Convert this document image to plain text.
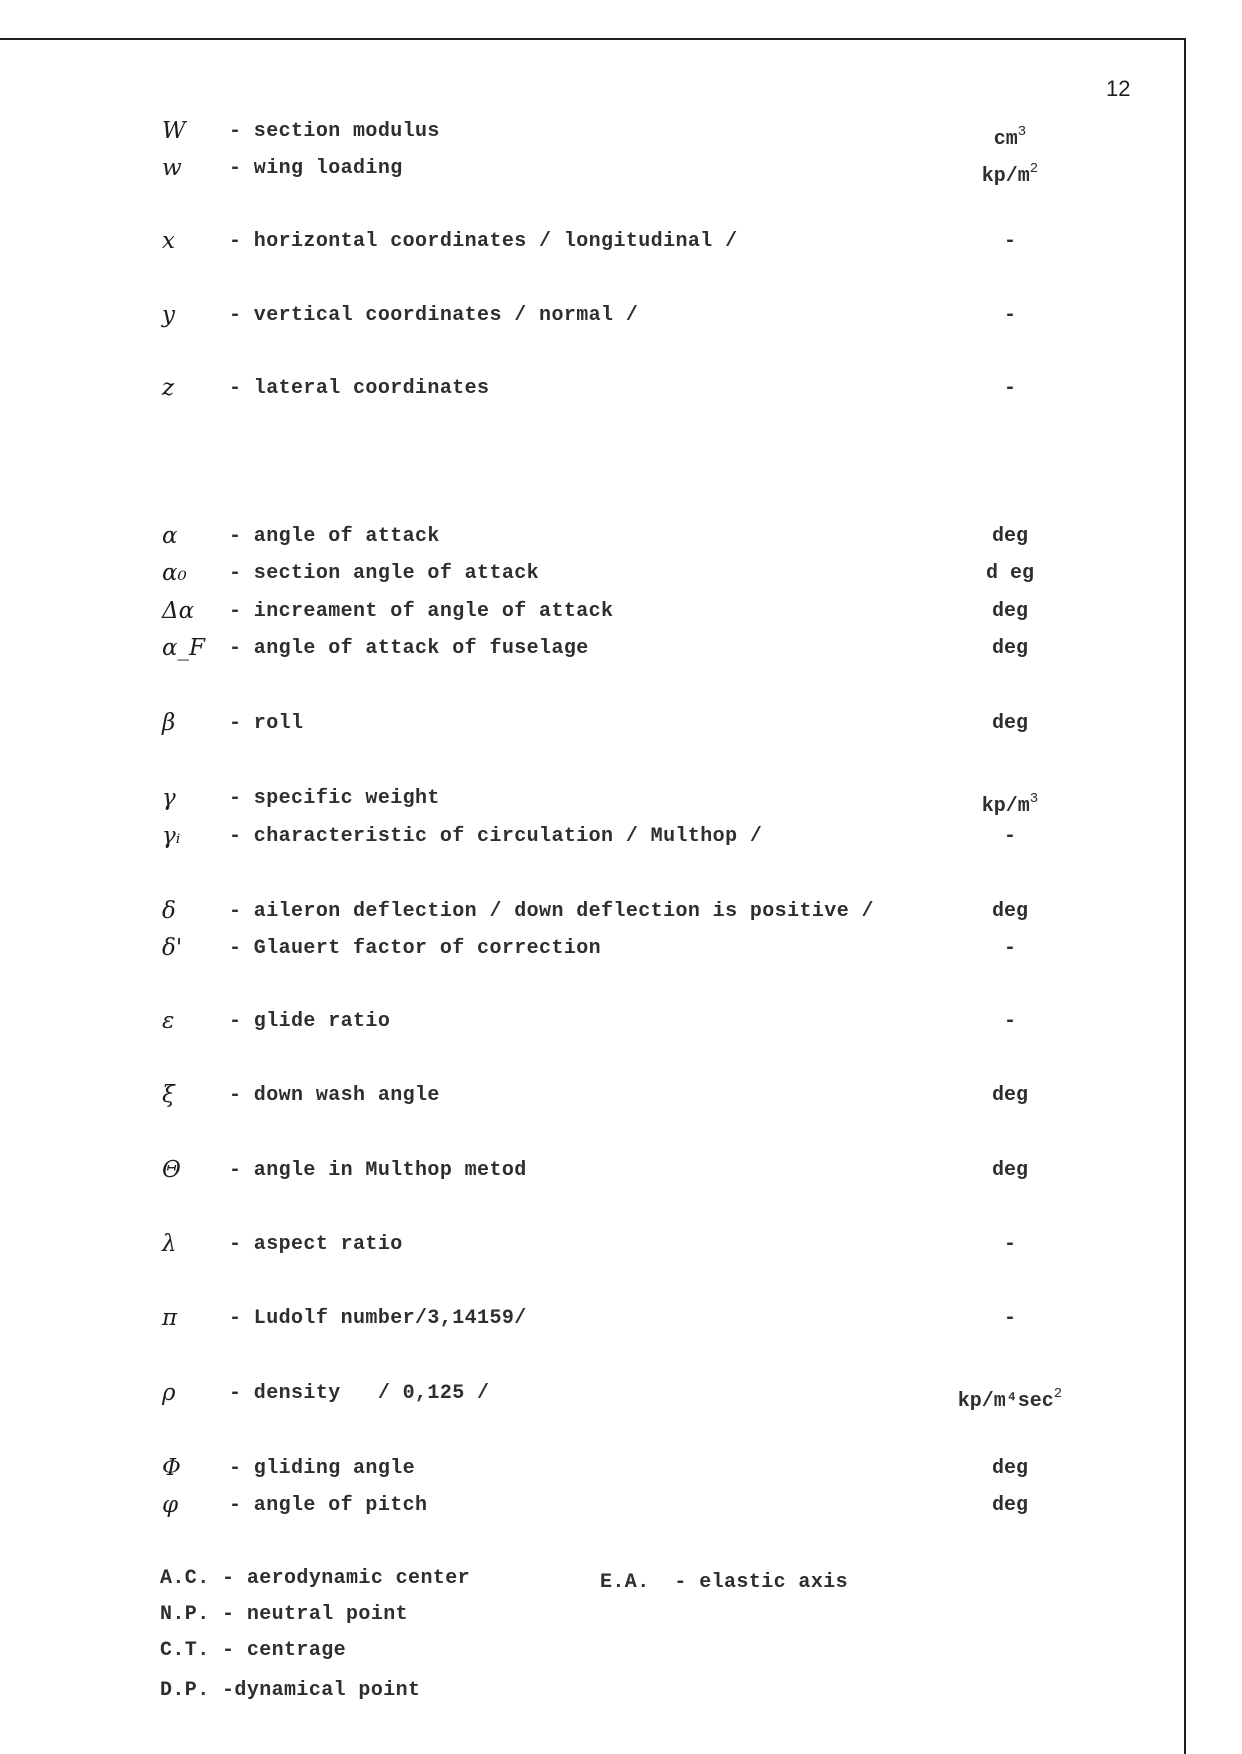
12
W - section modulus	$cm^3$
w - wing loading	$kp/m^2$
x	- horizontal coordinates / longitudinal /	-
y	- vertical coordinates / normal /	-
z	- lateral coordinates	-
α	- angle of attack	deg
α₀ - section angle of attack	d eg
Δα - increament of angle of attack	deg
α_F - angle of attack of fuselage	deg
β	- roll	deg
γ	- specific weight	$kp/m^3$
γᵢ - characteristic of circulation / Multhop /	-
δ	- aileron deflection / down deflection is positive /	deg
δ' - Glauert factor of correction	-
ε	- glide ratio	-
ξ	- down wash angle	deg
Θ - angle in Multhop metod	deg
λ	- aspect ratio	-
π	- Ludolf number/3,14159/	-
ρ	- density   / 0,125 /	$kp/m^4\sec^2$
Φ - gliding angle	deg
φ	- angle of pitch	deg
A.C. - aerodynamic center	E.A.  - elastic axis
N.P. - neutral point
C.T. - centrage
D.P. -dynamical point
